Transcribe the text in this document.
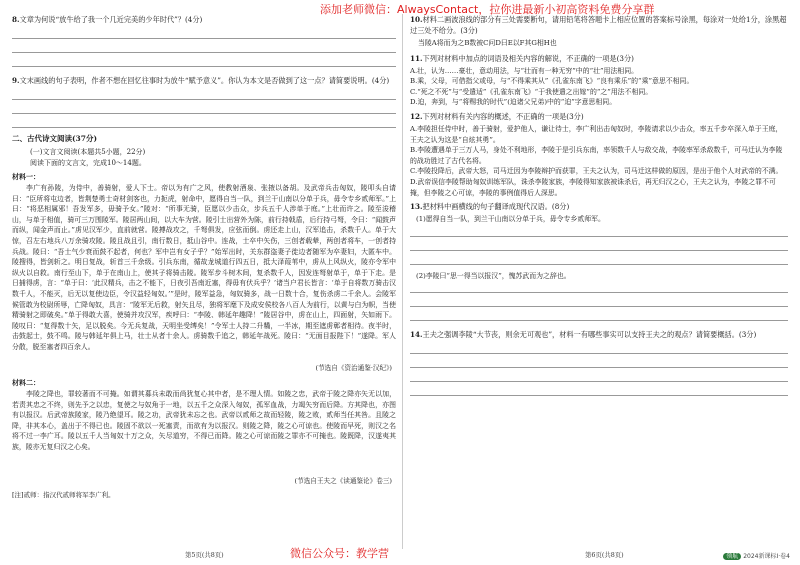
添加老师微信：AlwaysContact，拉你进最新小初高资料免费分享群

8.文章为何说“放牛给了我一个几近完美的少年时代”？(4分)

9.文末画线的句子表明，作者不想在回忆往事时为放牛“赋予意义”。你认为本文是否做到了这一点？请简要说明。(4分)

二、古代诗文阅读(37分)

(一)文言文阅读(本题共5小题，22分)

阅读下面的文言文，完成10～14题。

材料一：

李广有孙陵，为侍中，善骑射，爱人下士。帝以为有广之风，使教射酒泉、张掖以备胡。及武帝兵击匈奴，陵叩头自请曰：“臣所将屯边者，皆荆楚勇士奇材剑客也，力扼虎，射命中，愿得自当一队，到兰干山南以分单于兵，毋令专乡贰师军。”上曰：“将恶相属邪！吾发军多，毋骑予女。”陵对：“所事无骑，臣愿以少击众，步兵五千人涉单于庭。”上壮而许之。陵至浚稽山，与单于相值，骑可三万围陵军。陵居两山间，以大车为营。陵引士出营外为陈，前行持戟盾，后行持弓弩，令曰：“闻鼓声而纵，闻金声而止。”虏见汉军少，直前就营。陵搏战攻之，千弩俱发，应弦而倒。虏还走上山，汉军追击，杀数千人。单于大惊，召左右地兵八万余骑攻陵。陵且战且引，南行数日，抵山谷中。连战，士卒中矢伤，三创者载辇，两创者将车，一创者持兵战。陵曰：“吾士气少衰而鼓不起者，何也？军中岂有女子乎？”始军出时，关东群盗妻子徙边者随军为卒妻妇，大匿车中。陵搜得，皆剑斩之。明日复战，斩首三千余级。引兵东南，循故龙城道行四五日，抵大泽葭苇中，虏从上风纵火，陵亦令军中纵火以自救。南行至山下，单于在南山上，使其子将骑击陵。陵军步斗树木间，复杀数千人，因发连弩射单于，单于下走。是日捕得虏，言：“单于曰：‘此汉精兵，击之不能下，日夜引吾南近塞，得毋有伏兵乎？’诸当户君长皆言：‘单于自将数万骑击汉数千人，不能灭，后无以复使边臣，令汉益轻匈奴。’”是时，陵军益急，匈奴骑多，战一日数十合，复伤杀虏二千余人。会陵军候管敢为校尉所辱，亡降匈奴，具言：“陵军无后救，射矢且尽，独将军麾下及成安侯校各八百人为前行，以黄与白为帜，当使精骑射之即破矣。”单于得敢大喜，使骑并攻汉军，疾呼曰：“李陵、韩延年趣降！”陵居谷中，虏在山上，四面射，矢如雨下。陵叹曰：“复得数十矢，足以脱矣。今无兵复战，天明坐受缚矣！”令军士人持二升糒，一半冰，期至遮虏鄣者相待。夜半时，击鼓起士，鼓不鸣。陵与韩延年俱上马，壮士从者十余人。虏骑数千追之，韩延年战死。陵曰：“无面目报陛下！”遂降。军人分散，脱至塞者四百余人。

(节选自《资治通鉴·汉纪》)

材料二：

李陵之降也，罪较著而不可掩。如谓其募兵未敢而尚犹复心其中者，是不理人情。如陵之忠，武帝于陵之降亦矢无以加，若责其忠之不终，则先予之以忠，复使之与奴角于一地，以五千之众深入匈奴，孤军血战，力竭矢穷而后降。方其降也，亦图有以报汉。后武帝族陵家，陵乃绝望耳。陵之功，武帝犹未忘之也。武帝以贰师之故而轻陵，陵之败，贰师当任其咎。且陵之降，非其本心，盖出于不得已也。陵固不欲以一死塞责，而欲有为以报汉。则陵之降，陵之心可谅也。使陵而早死，则汉之名将不过一李广耳。陵以五千人当匈奴十万之众，矢尽道穷，不得已而降。陵之心可谅而陵之罪亦不可掩也。陵既降，汉遂夷其族，陵亦无复归汉之心矣。

(节选自王夫之《读通鉴论》卷三)

[注]贰师：指汉代贰师将军李广利。

第5页(共8页)

10.材料二画波浪线的部分有三处需要断句，请用铅笔将答题卡上相应位置的答案标号涂黑，每涂对一处给1分，涂黑超过三处不给分。(3分)

当陵A将而为之B数被C问D曰E以F其G相H也

11.下列对材料中加点的词语及相关内容的解说，不正确的一项是(3分)

A.壮，认为……豪壮，意动用法，与“壮而有一种无穷”中的“壮”用法相同。

B.乘，父母，可借指父或母，与“不得乘其从”《孔雀东南飞》“良有乘乐”的“乘”意思不相同。

C.“死之不死”与“受遣适”《孔雀东南飞》“于我使遣之出嫁”的“之”用法不相同。

D.迫，奔到，与“将赐我的时代”(迫诸父兄弟)中的“迫”字意思相同。

12.下列对材料有关内容的概述，不正确的一项是(3分)

A.李陵担任侍中时，善于骑射，爱护他人，谦让待士，李广利出击匈奴时，李陵请求以少击众，率五千步卒深入单于王庭，王夫之认为这是“自炫其勇”。

B.李陵遭遇单于三万人马，身处不利地形，李陵于是引兵东南，率领数千人与敌交战，李陵率军杀敌数千，可马迁认为李陵的战功胜过了古代名将。

C.李陵投降后，武帝大怒，司马迁因为李陵辩护而获罪，王夫之认为，司马迁这样做的原因，是出于他个人对武帝的不满。

D.武帝误信李陵帮助匈奴训练军队，诛杀李陵家族，李陵得知家族被诛杀后，再无归汉之心，王夫之认为，李陵之罪不可掩，但李陵之心可谅，李陵的事例值得后人深思。

13.把材料中画横线的句子翻译成现代汉语。(8分)

(1)愿得自当一队，到兰干山南以分单于兵，毋令专乡贰师军。

(2)李陵曰“思一得当以报汉”，愧苏武而为之辞也。

14.王夫之强调李陵“大节丧，则余无可观也”，材料一有哪些事实可以支持王夫之的观点？请简要概括。(3分)

第6页(共8页)	领航 2024新课标Ⅰ·卷4
微信公众号：教学营
